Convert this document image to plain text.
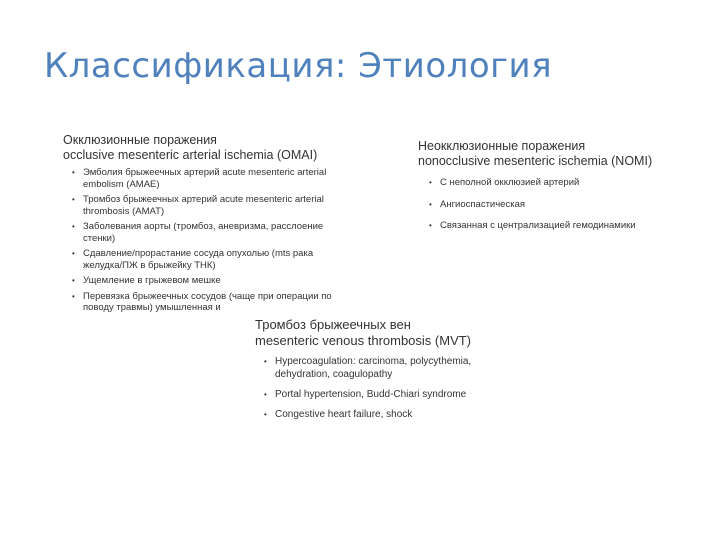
Классификация: Этиология
Окклюзионные поражения
occlusive mesenteric arterial ischemia (OMAI)
• Эмболия брыжеечных артерий acute mesenteric arterial embolism (AMAE)
• Тромбоз брыжеечных артерий acute mesenteric arterial thrombosis (AMAT)
• Заболевания аорты (тромбоз, аневризма, расслоение стенки)
• Сдавление/прорастание сосуда опухолью (mts рака желудка/ПЖ в брыжейку ТНК)
• Ущемление в грыжевом мешке
• Перевязка брыжеечных сосудов (чаще при операции по поводу травмы) умышленная и
Неокклюзионные поражения
nonocclusive mesenteric ischemia (NOMI)
• С неполной окклюзией артерий
• Ангиоспастическая
• Связанная с централизацией гемодинамики
Тромбоз брыжеечных вен
mesenteric venous thrombosis (MVT)
• Hypercoagulation: carcinoma, polycythemia, dehydration, coagulopathy
• Portal hypertension, Budd-Chiari syndrome
• Congestive heart failure, shock
